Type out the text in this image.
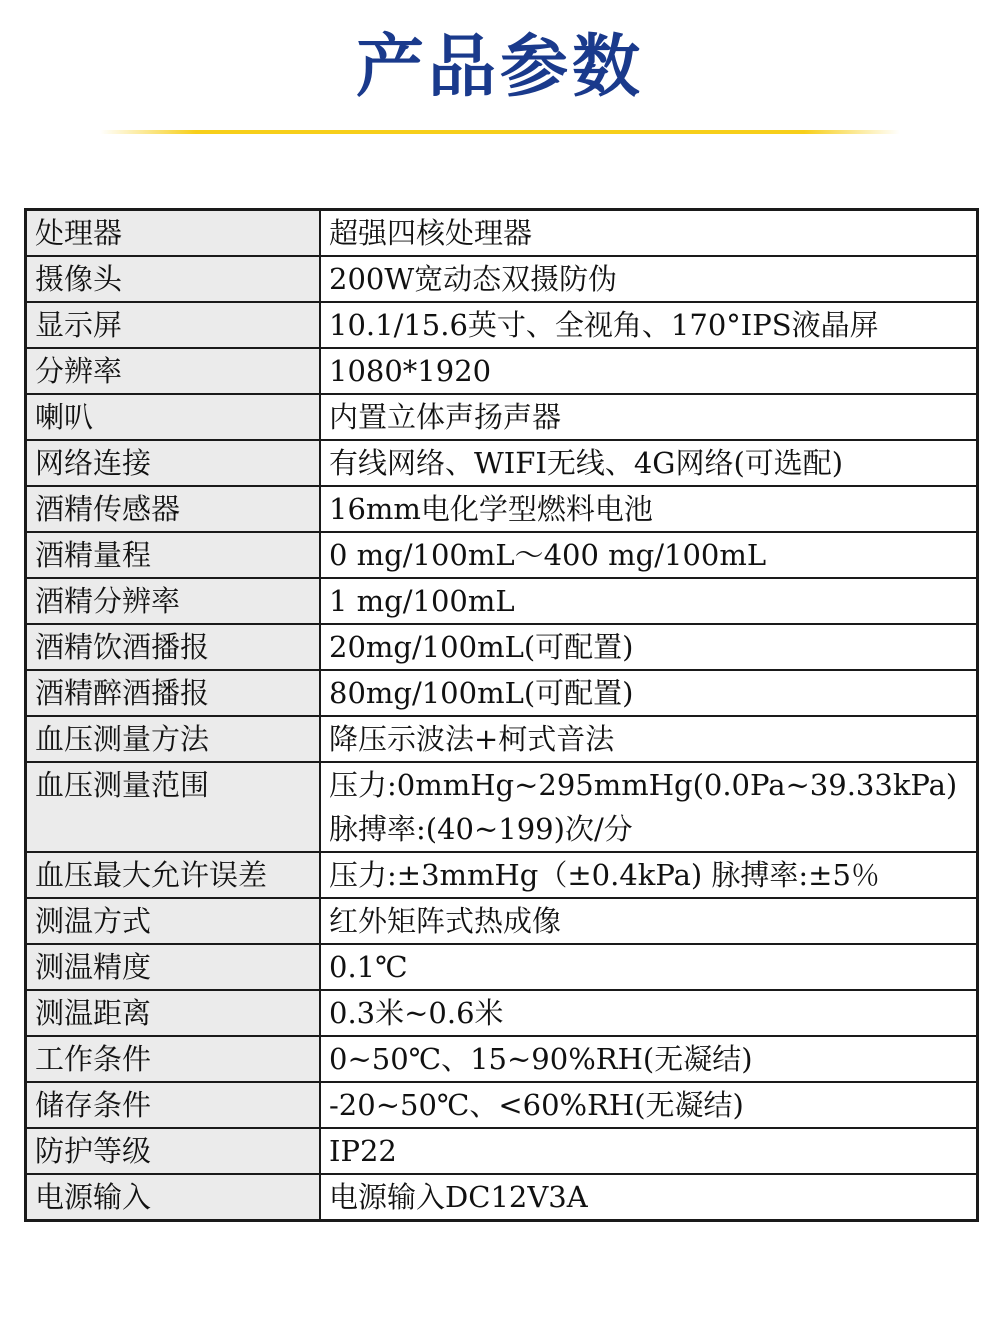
产品参数
处理器	超强四核处理器

摄像头	200W宽动态双摄防伪

显示屏	10.1/15.6英寸、全视角、170°IPS液晶屏

分辨率	1080*1920

喇叭	内置立体声扬声器

网络连接	有线网络、WIFI无线、4G网络(可选配)

酒精传感器	16mm电化学型燃料电池

酒精量程	0 mg/100mL～400 mg/100mL

酒精分辨率	1 mg/100mL

酒精饮酒播报	20mg/100mL(可配置)

酒精醉酒播报	80mg/100mL(可配置)

血压测量方法	降压示波法+柯式音法

血压测量范围	压力:0mmHg~295mmHg(0.0Pa~39.33kPa)
脉搏率:(40~199)次/分

血压最大允许误差	压力:±3mmHg（±0.4kPa) 脉搏率:±5％

测温方式	红外矩阵式热成像

测温精度	0.1℃

测温距离	0.3米~0.6米

工作条件	0~50℃、15~90%RH(无凝结)

储存条件	-20~50℃、<60%RH(无凝结)

防护等级	IP22

电源输入	电源输入DC12V3A
